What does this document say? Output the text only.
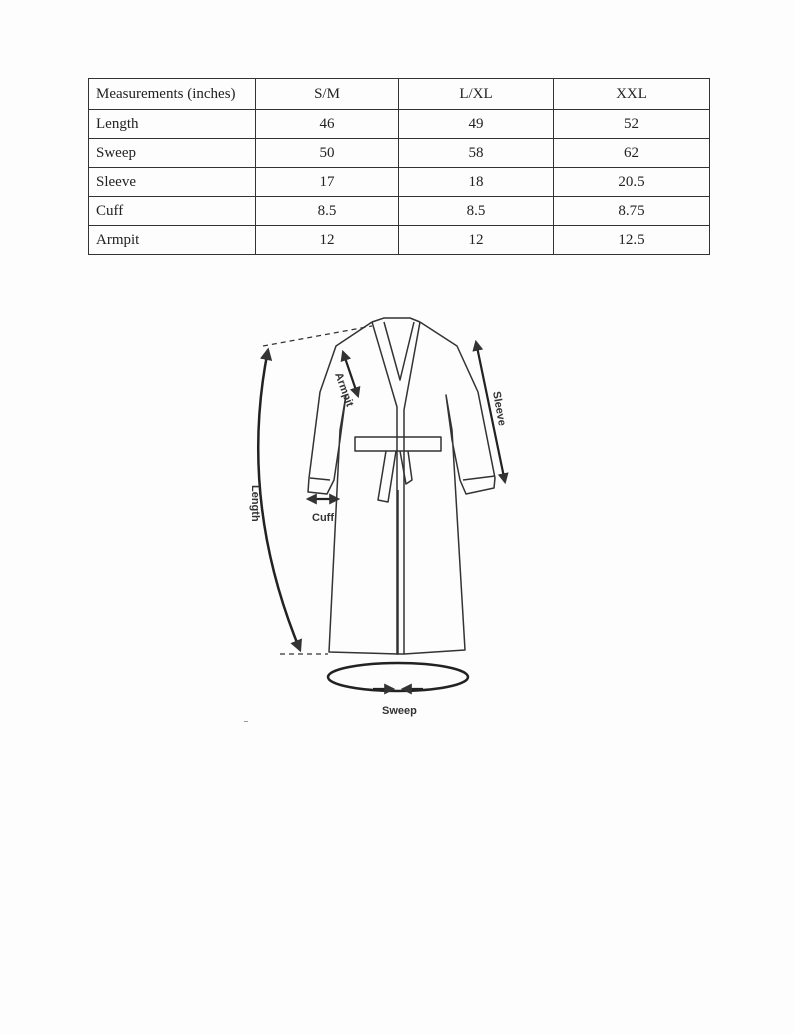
Measurements (inches)	S/M	L/XL	XXL
Length	46	49	52
Sweep	50	58	62
Sleeve	17	18	20.5
Cuff	8.5	8.5	8.75
Armpit	12	12	12.5
Length
Armpit
Sleeve
Cuff
Sweep
